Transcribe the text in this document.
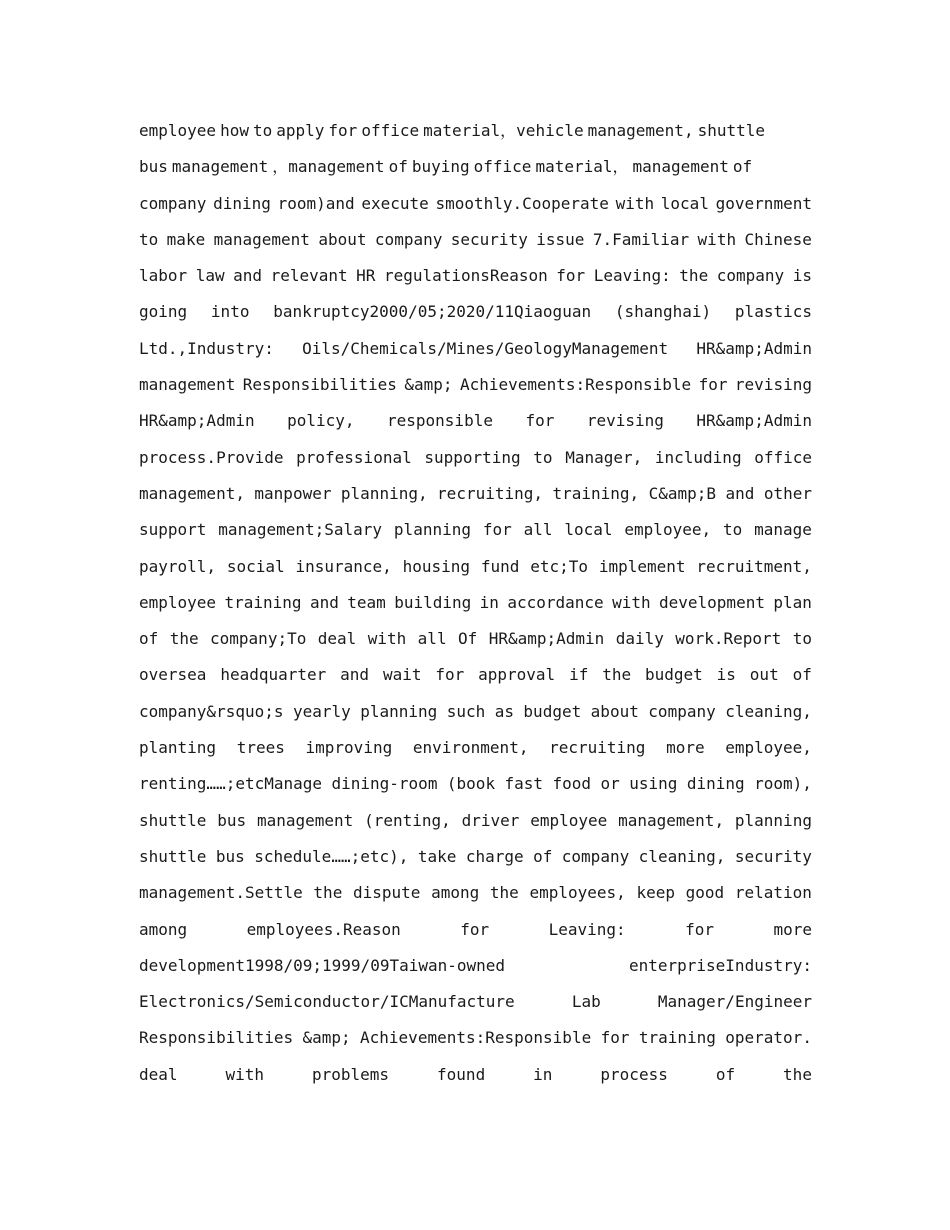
employee how to apply for office material，vehicle management, shuttle
bus management ，management of buying office material， management of
company dining room)and execute smoothly.Cooperate with local government
to make management about company security issue 7.Familiar with Chinese
labor law and relevant HR regulationsReason for Leaving: the company is
going into bankruptcy2000/05;2020/11Qiaoguan (shanghai) plastics
Ltd.,Industry: Oils/Chemicals/Mines/GeologyManagement HR&amp;Admin
management Responsibilities &amp; Achievements:Responsible for revising
HR&amp;Admin policy, responsible for revising HR&amp;Admin
process.Provide professional supporting to Manager, including office
management, manpower planning, recruiting, training, C&amp;B and other
support management;Salary planning for all local employee, to manage
payroll, social insurance, housing fund etc;To implement recruitment,
employee training and team building in accordance with development plan
of the company;To deal with all Of HR&amp;Admin daily work.Report to
oversea headquarter and wait for approval if the budget is out of
company&rsquo;s yearly planning such as budget about company cleaning,
planting trees improving environment, recruiting more employee,
renting……;etcManage dining-room (book fast food or using dining room),
shuttle bus management (renting, driver employee management, planning
shuttle bus schedule……;etc), take charge of company cleaning, security
management.Settle the dispute among the employees, keep good relation
among	employees.Reason	for	Leaving:	for	more
development1998/09;1999/09Taiwan-owned	enterpriseIndustry:
Electronics/Semiconductor/ICManufacture	Lab	Manager/Engineer
Responsibilities &amp; Achievements:Responsible for training operator.
deal	with	problems	found	in	process	of	the
